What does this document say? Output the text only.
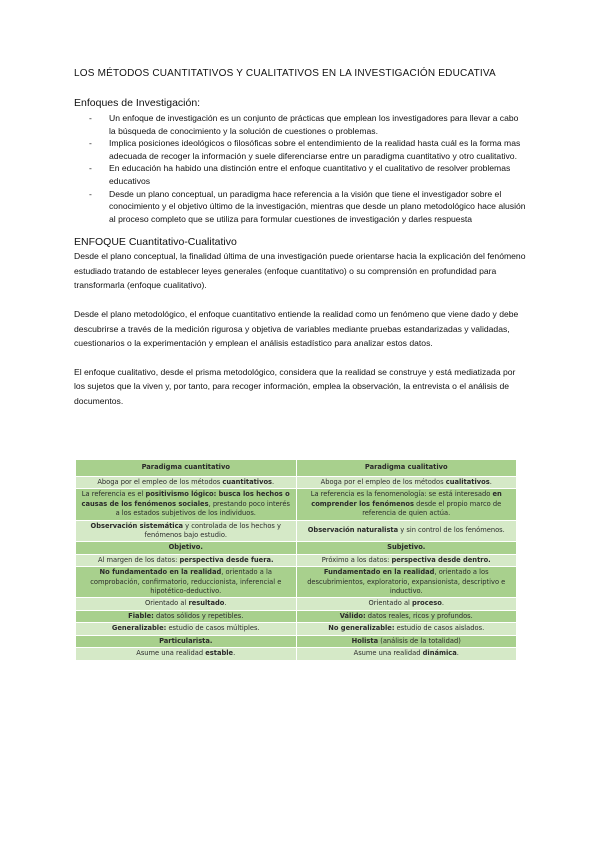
LOS MÉTODOS CUANTITATIVOS Y CUALITATIVOS EN LA INVESTIGACIÓN EDUCATIVA
Enfoques de Investigación:
- Un enfoque de investigación es un conjunto de prácticas que emplean los investigadores para llevar a cabo la búsqueda de conocimiento y la solución de cuestiones o problemas.
- Implica posiciones ideológicos o filosóficas sobre el entendimiento de la realidad hasta cuál es la forma mas adecuada de recoger la información y suele diferenciarse entre un paradigma cuantitativo y otro cualitativo.
- En educación ha habido una distinción entre el enfoque cuantitativo y el cualitativo de resolver problemas educativos
- Desde un plano conceptual, un paradigma hace referencia a la visión que tiene el investigador sobre el conocimiento y el objetivo último de la investigación, mientras que desde un plano metodológico hace alusión al proceso completo que se utiliza para formular cuestiones de investigación y darles respuesta
ENFOQUE Cuantitativo-Cualitativo
Desde el plano conceptual, la finalidad última de una investigación puede orientarse hacia la explicación del fenómeno estudiado tratando de establecer leyes generales (enfoque cuantitativo) o su comprensión en profundidad para transformarla (enfoque cualitativo).
Desde el plano metodológico, el enfoque cuantitativo entiende la realidad como un fenómeno que viene dado y debe descubrirse a través de la medición rigurosa y objetiva de variables mediante pruebas estandarizadas y validadas, cuestionarios o la experimentación y emplean el análisis estadístico para analizar estos datos.
El enfoque cualitativo, desde el prisma metodológico, considera que la realidad se construye y está mediatizada por los sujetos que la viven y, por tanto, para recoger información, emplea la observación, la entrevista o el análisis de documentos.
Paradigma cuantitativo	Paradigma cualitativo
Aboga por el empleo de los métodos cuantitativos.	Aboga por el empleo de los métodos cualitativos.
La referencia es el positivismo lógico: busca los hechos o causas de los fenómenos sociales, prestando poco interés a los estados subjetivos de los individuos.	La referencia es la fenomenología: se está interesado en comprender los fenómenos desde el propio marco de referencia de quien actúa.
Observación sistemática y controlada de los hechos y fenómenos bajo estudio.	Observación naturalista y sin control de los fenómenos.
Objetivo.	Subjetivo.
Al margen de los datos: perspectiva desde fuera.	Próximo a los datos: perspectiva desde dentro.
No fundamentado en la realidad, orientado a la comprobación, confirmatorio, reduccionista, inferencial e hipotético-deductivo.	Fundamentado en la realidad, orientado a los descubrimientos, exploratorio, expansionista, descriptivo e inductivo.
Orientado al resultado.	Orientado al proceso.
Fiable: datos sólidos y repetibles.	Válido: datos reales, ricos y profundos.
Generalizable: estudio de casos múltiples.	No generalizable: estudio de casos aislados.
Particularista.	Holista (análisis de la totalidad)
Asume una realidad estable.	Asume una realidad dinámica.
